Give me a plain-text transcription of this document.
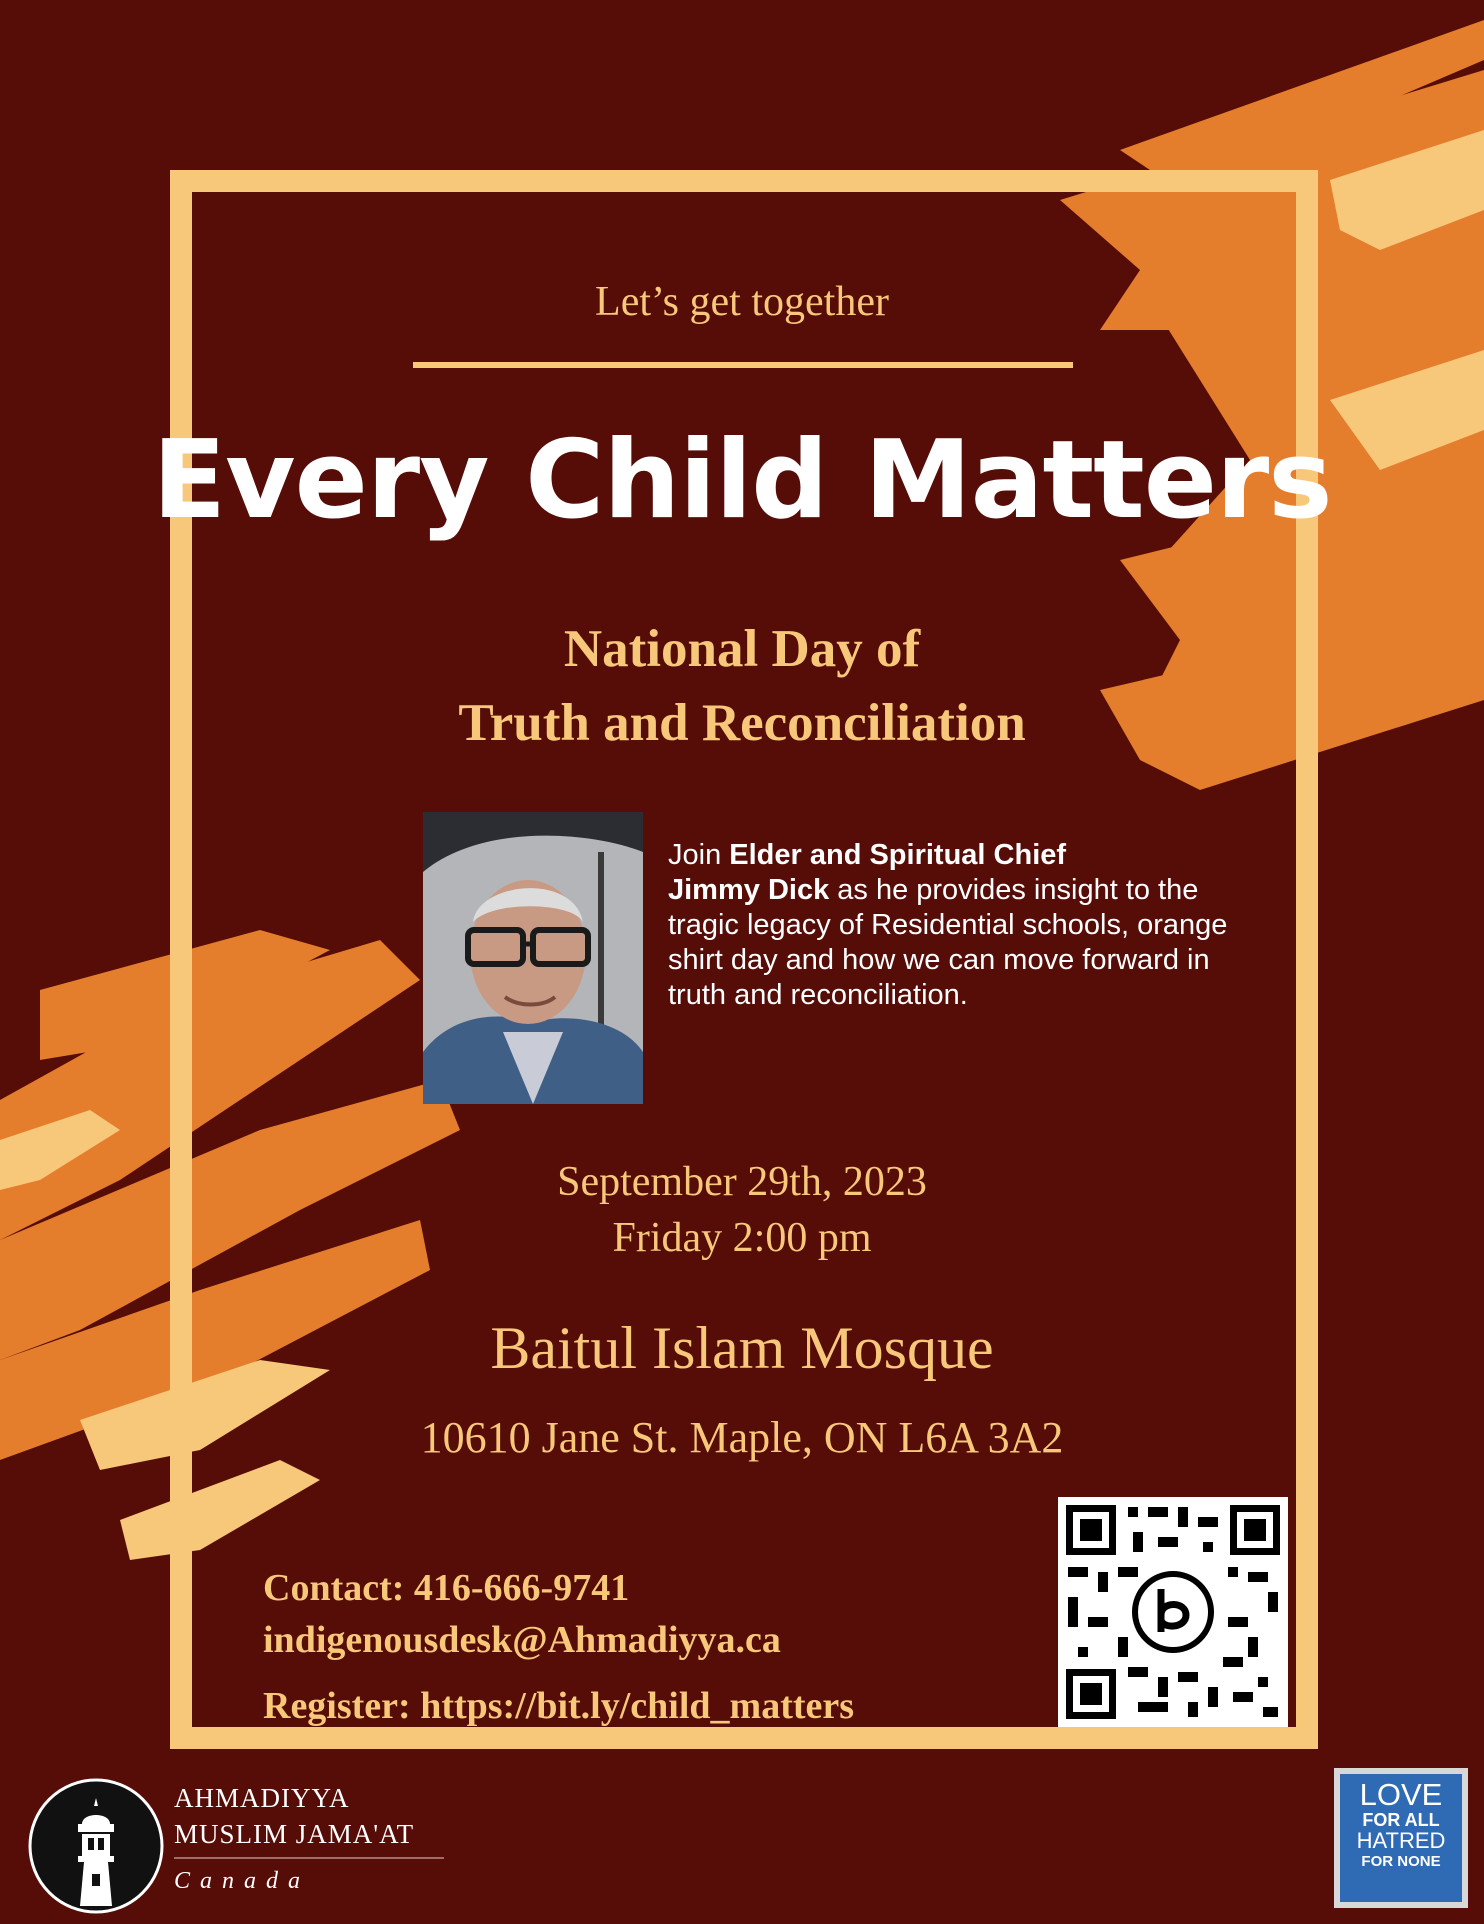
Let’s get together
Every Child Matters
National Day of
Truth and Reconciliation
Join Elder and Spiritual Chief
Jimmy Dick as he provides insight to the tragic legacy of Residential schools, orange shirt day and how we can move forward in truth and reconciliation.
September 29th, 2023
Friday 2:00 pm
Baitul Islam Mosque
10610 Jane St. Maple, ON L6A 3A2
Contact: 416-666-9741
indigenousdesk@Ahmadiyya.ca
Register: https://bit.ly/child_matters
AHMADIYYA
MUSLIM JAMA'AT
Canada
LOVE
FOR ALL
HATRED
FOR NONE
